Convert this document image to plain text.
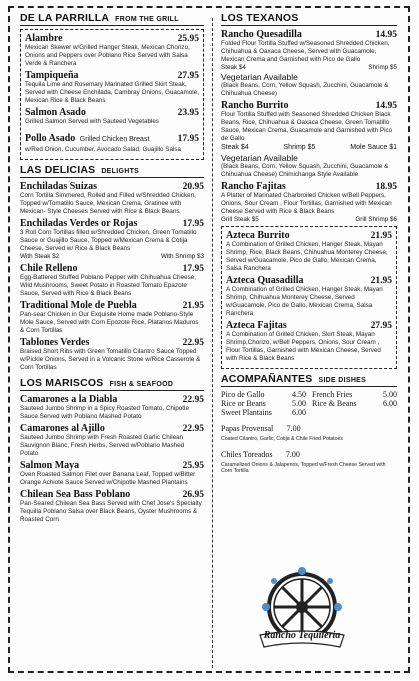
DE LA PARRILLA FROM THE GRILL
Alambre	25.95
Mexican Skewer w/Grilled Hanger Steak, Mexican Chorizo, Onions and Peppers over Poblano Rice Served with Salsa Verde & Ranchera
Tampiqueña	27.95
Tequila Lime and Rosemary Marinated Grilled Skirt Steak, Served with Cheese Enchilada, Cambray Onions, Guacamole, Mexican Rice & Black Beans
Salmon Asado	23.95
Grilled Salmon Served with Sauteed Vegetables
Pollo Asado Grilled Chicken Breast	17.95
w/Red Onion, Cucumber, Avocado Salad, Guajillo Salsa
LAS DELICIAS DELIGHTS
Enchiladas Suizas	20.95
Corn Tortilla Simmered, Rolled and Filled w/Shredded Chicken, Topped w/Tomatillo Sauce, Mexican Crema, Gratinee with Mexican- Style Cheeses Served with Rice & Black Beans
Enchiladas Verdes or Rojas	17.95
3 Roll Corn Tortillas filled w/Shredded Chicken, Green Tomatillo Sauce or Guajillo Sauce, Topped w/Mexican Crema & Cotija Cheese, Served w/ Rice & Black Beans
With Steak $2	With Shrimp $3
Chile Relleno	17.95
Egg-Battered Stuffed Poblano Pepper with Chihuahua Cheese, Wild Mushrooms, Sweet Potato in Roasted Tomato Epazote Sauce, Served with Rice & Black Beans
Traditional Mole de Puebla	21.95
Pan-sear Chicken in Our Exquisite Home made Poblano-Style Mole Sauce, Served with Corn Epozote Rice, Platanos Maduros & Corn Tortillas
Tablones Verdes	22.95
Braised Short Ribs with Green Tomatillo Cilantro Sauce Topped w/Pickle Onions, Served in a Volcanic Stone w/Rice Casserole & Corn Tortillas
LOS MARISCOS FISH & SEAFOOD
Camarones a la Diabla	22.95
Sauteed Jumbo Shrimp in a Spicy Roasted Tomato, Chipotle Sauce Served with Poblano Mashed Potato
Camarones al Ajillo	22.95
Sauteed Jumbo Shrimp with Fresh Roasted Garlic Chilean Sauvignon Blanc, Fresh Herbs, Served w/Poblano Mashed Potato
Salmon Maya	25.95
Oven Roasted Salmon Filet over Banana Leaf, Topped w/Bitter Orange Achiote Sauce Served w/Chipotle Mashed Plantains
Chilean Sea Bass Poblano	26.95
Pan-Seared Chilean Sea Bass Served with Chef Jose's Specialty Tequilla Poblano Salsa over Black Beans, Oyster Mushrooms & Roasted Corn
LOS TEXANOS
Rancho Quesadilla	14.95
Folded Flour Tortilla Stuffed w/Seasoned Shredded Chicken, Chihuahua & Oaxaca Cheese, Served with Guacamole, Mexican Crema and Garnished with Pico de Gallo
Steak $4	Shrimp $5
Vegetarian Available
(Black Beans, Corn, Yellow Squash, Zucchini, Guacamole & Chihuahua Cheese)
Rancho Burrito	14.95
Flour Tortilla Stuffed with Seasoned Shredded Chicken Black Beans, Rice, Chihuahua & Oaxaca Cheese, Green Tomatillo Sauce, Mexican Crema, Guacamole and Garnished with Pico de Gallo
Steak $4	Shrimp $5	Mole Sauce $1
Vegetarian Available
(Black Beans, Corn, Yellow Squash, Zucchini, Guacamole & Chihuahua Cheese) Chimichanga Style Available
Rancho Fajitas	18.95
A Platter of Marinated Charbroiled Chicken w/Bell Peppers, Onions, Sour Cream , Flour Tortillas, Garnished with Mexican Cheese Served with Rice & Black Beans
Grill Steak $5	Grill Shrimp $6
Azteca Burrito	21.95
A Combination of Grilled Chicken, Hanger Steak, Mayan Shrimp, Rice, Black Beans, Chihuahua Monterey Cheese, Served w/Guacamole, Pico de Gallo, Mexican Crema, Salsa Ranchera
Azteca Quasadilla	21.95
A Combination of Grilled Chicken, Hanger Steak, Mayan Shrimp, Chihuahua Monterey Cheese, Served w/Guacamole, Pico de Gallo, Mexican Crema, Salsa Ranchera
Azteca Fajitas	27.95
A Combination of Grilled Chicken, Skirt Steak, Mayan Shrimp,Chorizo, w/Bell Peppers, Onions, Sour Cream , Flour Tortillas, Garnished with Mexican Cheese, Served with Rice & Black Beans
ACOMPAÑANTES SIDE DISHES
Pico de Gallo	4.50 French Fries	5.00
Rice or Beans	5.00 Rice & Beans	6.00
Sweet Plantains	6.00
Papas Provensal 7.00
Coated Cilantro, Garlic, Cotija & Chile Fried Potatoes
Chiles Toreados 7.00
Caramelized Onions & Jalapenos, Topped w/Fresh Cheese Served with Corn Tortilla
Rancho Tequileria
